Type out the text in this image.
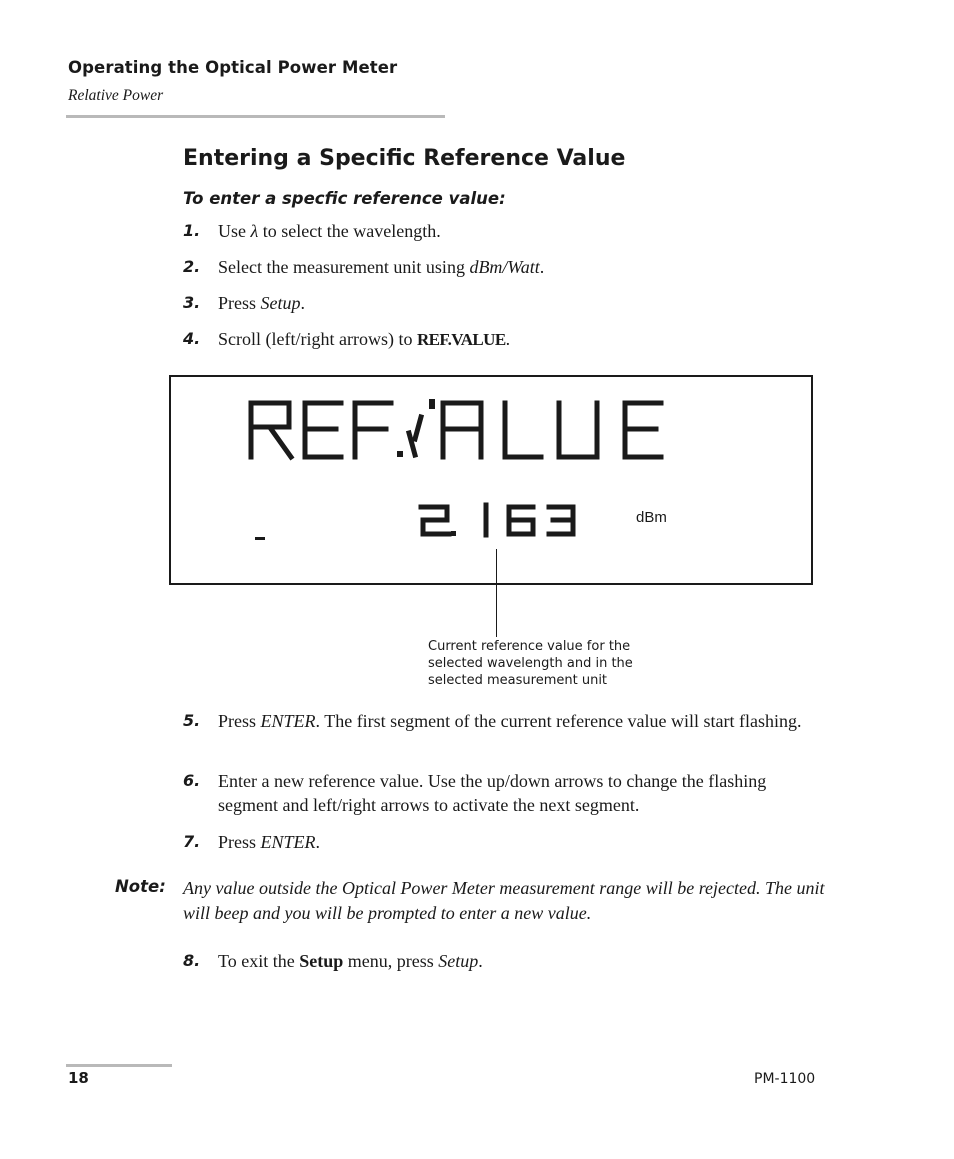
Operating the Optical Power Meter
Relative Power
Entering a Specific Reference Value
To enter a specfic reference value:
1. Use λ to select the wavelength.
2. Select the measurement unit using dBm/Watt.
3. Press Setup.
4. Scroll (left/right arrows) to REF.VALUE.
dBm
Current reference value for the
selected wavelength and in the
selected measurement unit
5. Press ENTER. The first segment of the current reference value will start flashing.
6. Enter a new reference value. Use the up/down arrows to change the flashing segment and left/right arrows to activate the next segment.
7. Press ENTER.
Note: Any value outside the Optical Power Meter measurement range will be rejected. The unit will beep and you will be prompted to enter a new value.
8. To exit the Setup menu, press Setup.
18	PM-1100
